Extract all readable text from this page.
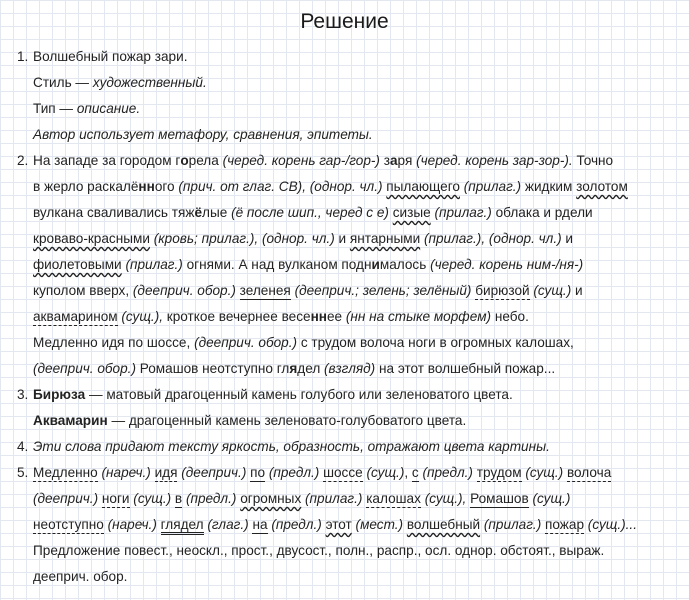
Решение
1. Волшебный пожар зари.
Стиль — художественный.
Тип — описание.
Автор использует метафору, сравнения, эпитеты.
2. На западе за городом горела (черед. корень гар-/гор-) заря (черед. корень зар-зор-). Точно
в жерло раскалённого (прич. от глаг. СВ), (однор. чл.) пылающего (прилаг.) жидким золотом
вулкана сваливались тяжёлые (ё после шип., черед с е) сизые (прилаг.) облака и рдели
кроваво-красными (кровь; прилаг.), (однор. чл.) и янтарными (прилаг.), (однор. чл.) и
фиолетовыми (прилаг.) огнями. А над вулканом поднималось (черед. корень ним-/ня-)
куполом вверх, (дееприч. обор.) зеленея (дееприч.; зелень; зелёный) бирюзой (сущ.) и
аквамарином (сущ.), кроткое вечернее весеннее (нн на стыке морфем) небо.
Медленно идя по шоссе, (дееприч. обор.) с трудом волоча ноги в огромных калошах,
(дееприч. обор.) Ромашов неотступно глядел (взгляд) на этот волшебный пожар...
3. Бирюза — матовый драгоценный камень голубого или зеленоватого цвета.
Аквамарин — драгоценный камень зеленовато-голубоватого цвета.
4. Эти слова придают тексту яркость, образность, отражают цвета картины.
5. Медленно (нареч.) идя (дееприч.) по (предл.) шоссе (сущ.), с (предл.) трудом (сущ.) волоча
(дееприч.) ноги (сущ.) в (предл.) огромных (прилаг.) калошах (сущ.), Ромашов (сущ.)
неотступно (нареч.) глядел (глаг.) на (предл.) этот (мест.) волшебный (прилаг.) пожар (сущ.)...
Предложение повест., неоскл., прост., двусост., полн., распр., осл. однор. обстоят., выраж.
дееприч. обор.
